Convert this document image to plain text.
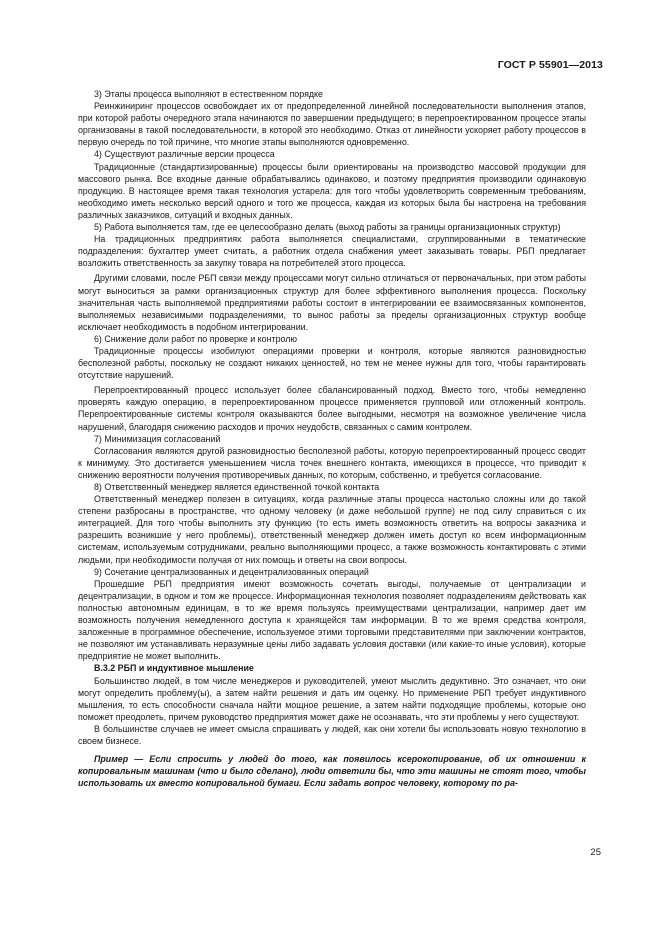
ГОСТ Р 55901—2013

3) Этапы процесса выполняют в естественном порядке

Реинжиниринг процессов освобождает их от предопределенной линейной последовательности выполнения этапов, при которой работы очередного этапа начинаются по завершении предыдущего; в перепроектированном процессе этапы организованы в такой последовательности, в которой это необходимо. Отказ от линейности ускоряет работу процессов в первую очередь по той причине, что многие этапы выполняются одновременно.

4) Существуют различные версии процесса

Традиционные (стандартизированные) процессы были ориентированы на производство массовой продукции для массового рынка. Все входные данные обрабатывались одинаково, и поэтому предприятия производили одинаковую продукцию. В настоящее время такая технология устарела: для того чтобы удовлетворить современным требованиям, необходимо иметь несколько версий одного и того же процесса, каждая из которых была бы настроена на требования различных заказчиков, ситуаций и входных данных.

5) Работа выполняется там, где ее целесообразно делать (выход работы за границы организационных структур)

На традиционных предприятиях работа выполняется специалистами, сгруппированными в тематические подразделения: бухгалтер умеет считать, а работник отдела снабжения умеет заказывать товары. РБП предлагает возложить ответственность за закупку товара на потребителей этого процесса.

Другими словами, после РБП связи между процессами могут сильно отличаться от первоначальных, при этом работы могут выноситься за рамки организационных структур для более эффективного выполнения процесса. Поскольку значительная часть выполняемой предприятиями работы состоит в интегрировании ее взаимосвязанных компонентов, выполняемых независимыми подразделениями, то вынос работы за пределы организационных структур вообще исключает необходимость в подобном интегрировании.

6) Снижение доли работ по проверке и контролю

Традиционные процессы изобилуют операциями проверки и контроля, которые являются разновидностью бесполезной работы, поскольку не создают никаких ценностей, но тем не менее нужны для того, чтобы гарантировать отсутствие нарушений.

Перепроектированный процесс использует более сбалансированный подход. Вместо того, чтобы немедленно проверять каждую операцию, в перепроектированном процессе применяется групповой или отложенный контроль. Перепроектированные системы контроля оказываются более выгодными, несмотря на возможное увеличение числа нарушений, благодаря снижению расходов и прочих неудобств, связанных с самим контролем.

7) Минимизация согласований

Согласования являются другой разновидностью бесполезной работы, которую перепроектированный процесс сводит к минимуму. Это достигается уменьшением числа точек внешнего контакта, имеющихся в процессе, что приводит к снижению вероятности получения противоречивых данных, по которым, собственно, и требуется согласование.

8) Ответственный менеджер является единственной точкой контакта

Ответственный менеджер полезен в ситуациях, когда различные этапы процесса настолько сложны или до такой степени разбросаны в пространстве, что одному человеку (и даже небольшой группе) не под силу справиться с их интеграцией. Для того чтобы выполнить эту функцию (то есть иметь возможность ответить на вопросы заказчика и разрешить возникшие у него проблемы), ответственный менеджер должен иметь доступ ко всем информационным системам, используемым сотрудниками, реально выполняющими процесс, а также возможность контактировать с этими людьми, при необходимости получая от них помощь и ответы на свои вопросы.

9) Сочетание централизованных и децентрализованных операций

Прошедшие РБП предприятия имеют возможность сочетать выгоды, получаемые от централизации и децентрализации, в одном и том же процессе. Информационная технология позволяет подразделениям действовать как полностью автономным единицам, в то же время пользуясь преимуществами централизации, например дает им возможность получения немедленного доступа к хранящейся там информации. В то же время средства контроля, заложенные в программное обеспечение, используемое этими торговыми представителями при заключении контрактов, не позволяют им устанавливать неразумные цены либо задавать условия доставки (или какие-то иные условия), которые предприятие не может выполнить.

В.3.2 РБП и индуктивное мышление

Большинство людей, в том числе менеджеров и руководителей, умеют мыслить дедуктивно. Это означает, что они могут определить проблему(ы), а затем найти решения и дать им оценку. Но применение РБП требует индуктивного мышления, то есть способности сначала найти мощное решение, а затем найти подходящие проблемы, которые оно поможет преодолеть, причем руководство предприятия может даже не осознавать, что эти проблемы у него существуют.

В большинстве случаев не имеет смысла спрашивать у людей, как они хотели бы использовать новую технологию в своем бизнесе.

Пример — Если спросить у людей до того, как появилось ксерокопирование, об их отношении к копировальным машинам (что и было сделано), люди ответили бы, что эти машины не стоят того, чтобы использовать их вместо копировальной бумаги. Если задать вопрос человеку, которому по ра-

25
